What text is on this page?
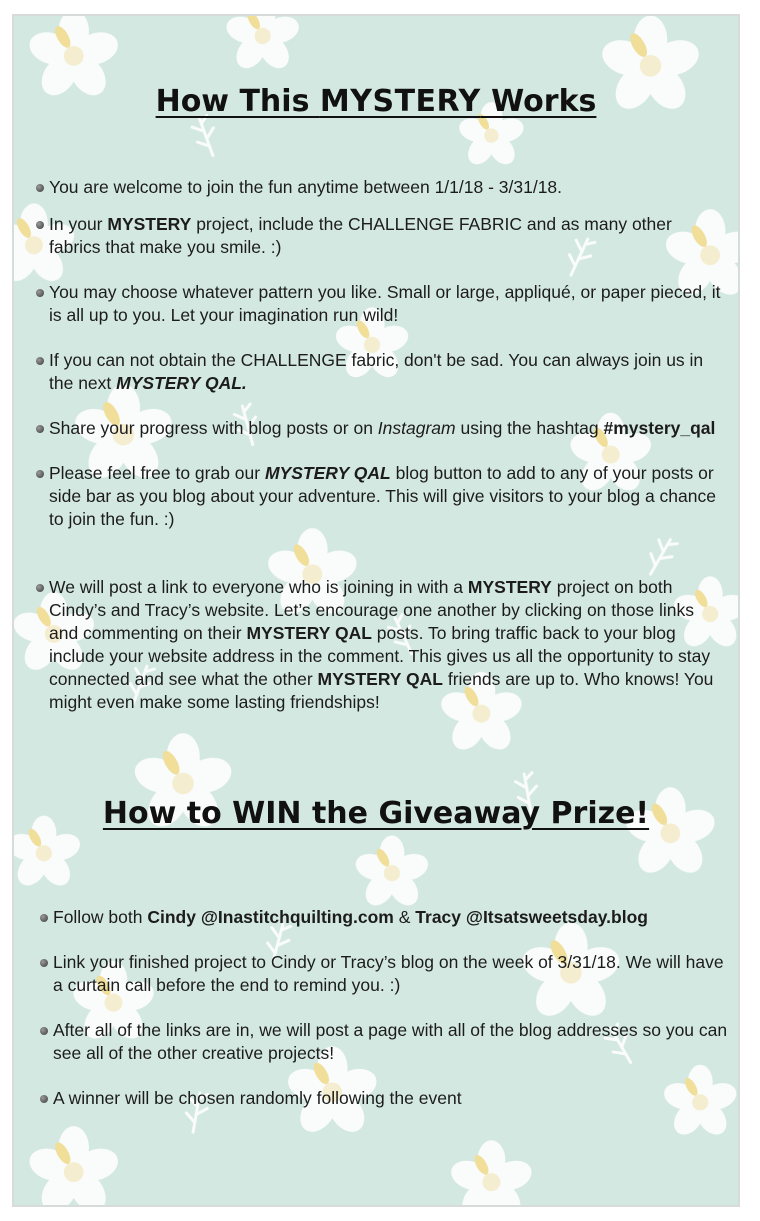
How This MYSTERY Works
You are welcome to join the fun anytime between 1/1/18 - 3/31/18.
In your MYSTERY project, include the CHALLENGE FABRIC and as many other fabrics that make you smile. :)
You may choose whatever pattern you like. Small or large, appliqué, or paper pieced, it is all up to you. Let your imagination run wild!
If you can not obtain the CHALLENGE fabric, don't be sad. You can always join us in the next MYSTERY QAL.
Share your progress with blog posts or on Instagram using the hashtag #mystery_qal
Please feel free to grab our MYSTERY QAL blog button to add to any of your posts or side bar as you blog about your adventure. This will give visitors to your blog a chance to join the fun. :)
We will post a link to everyone who is joining in with a MYSTERY project on both Cindy’s and Tracy’s website. Let’s encourage one another by clicking on those links and commenting on their MYSTERY QAL posts. To bring traffic back to your blog include your website address in the comment. This gives us all the opportunity to stay connected and see what the other MYSTERY QAL friends are up to. Who knows! You might even make some lasting friendships!
How to WIN the Giveaway Prize!
Follow both Cindy @Inastitchquilting.com & Tracy @Itsatsweetsday.blog
Link your finished project to Cindy or Tracy’s blog on the week of 3/31/18. We will have a curtain call before the end to remind you. :)
After all of the links are in, we will post a page with all of the blog addresses so you can see all of the other creative projects!
A winner will be chosen randomly following the event
